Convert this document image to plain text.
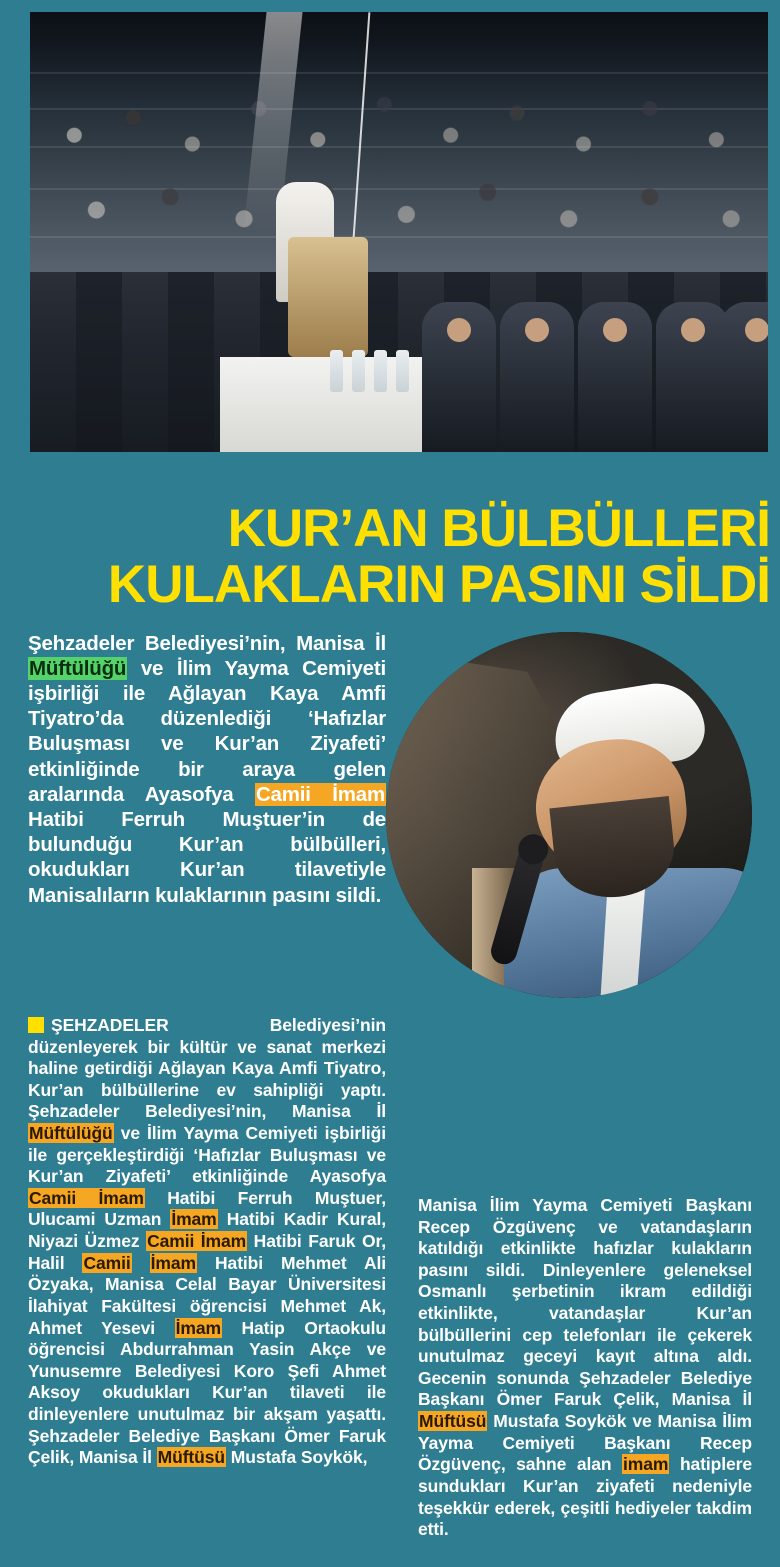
KUR’AN BÜLBÜLLERİ
KULAKLARIN PASINI SİLDİ

Şehzadeler Belediyesi’nin, Manisa İl Müftülüğü ve İlim Yayma Cemiyeti işbirliği ile Ağlayan Kaya Amfi Tiyatro’da düzenlediği ‘Hafızlar Buluşması ve Kur’an Ziyafeti’ etkinliğinde bir araya gelen aralarında Ayasofya Camii İmam Hatibi Ferruh Muştuer’in de bulunduğu Kur’an bülbülleri, okudukları Kur’an tilavetiyle Manisalıların kulaklarının pasını sildi.

ŞEHZADELER Belediyesi’nin düzenleyerek bir kültür ve sanat merkezi haline getirdiği Ağlayan Kaya Amfi Tiyatro, Kur’an bülbüllerine ev sahipliği yaptı. Şehzadeler Belediyesi’nin, Manisa İl Müftülüğü ve İlim Yayma Cemiyeti işbirliği ile gerçekleştirdiği ‘Hafızlar Buluşması ve Kur’an Ziyafeti’ etkinliğinde Ayasofya Camii İmam Hatibi Ferruh Muştuer, Ulucami Uzman İmam Hatibi Kadir Kural, Niyazi Üzmez Camii İmam Hatibi Faruk Or, Halil Camii İmam Hatibi Mehmet Ali Özyaka, Manisa Celal Bayar Üniversitesi İlahiyat Fakültesi öğrencisi Mehmet Ak, Ahmet Yesevi İmam Hatip Ortaokulu öğrencisi Abdurrahman Yasin Akçe ve Yunusemre Belediyesi Koro Şefi Ahmet Aksoy okudukları Kur’an tilaveti ile dinleyenlere unutulmaz bir akşam yaşattı. Şehzadeler Belediye Başkanı Ömer Faruk Çelik, Manisa İl Müftüsü Mustafa Soykök,
Manisa İlim Yayma Cemiyeti Başkanı Recep Özgüvenç ve vatandaşların katıldığı etkinlikte hafızlar kulakların pasını sildi. Dinleyenlere geleneksel Osmanlı şerbetinin ikram edildiği etkinlikte, vatandaşlar Kur’an bülbüllerini cep telefonları ile çekerek unutulmaz geceyi kayıt altına aldı. Gecenin sonunda Şehzadeler Belediye Başkanı Ömer Faruk Çelik, Manisa İl Müftüsü Mustafa Soykök ve Manisa İlim Yayma Cemiyeti Başkanı Recep Özgüvenç, sahne alan imam hatiplere sundukları Kur’an ziyafeti nedeniyle teşekkür ederek, çeşitli hediyeler takdim etti.
